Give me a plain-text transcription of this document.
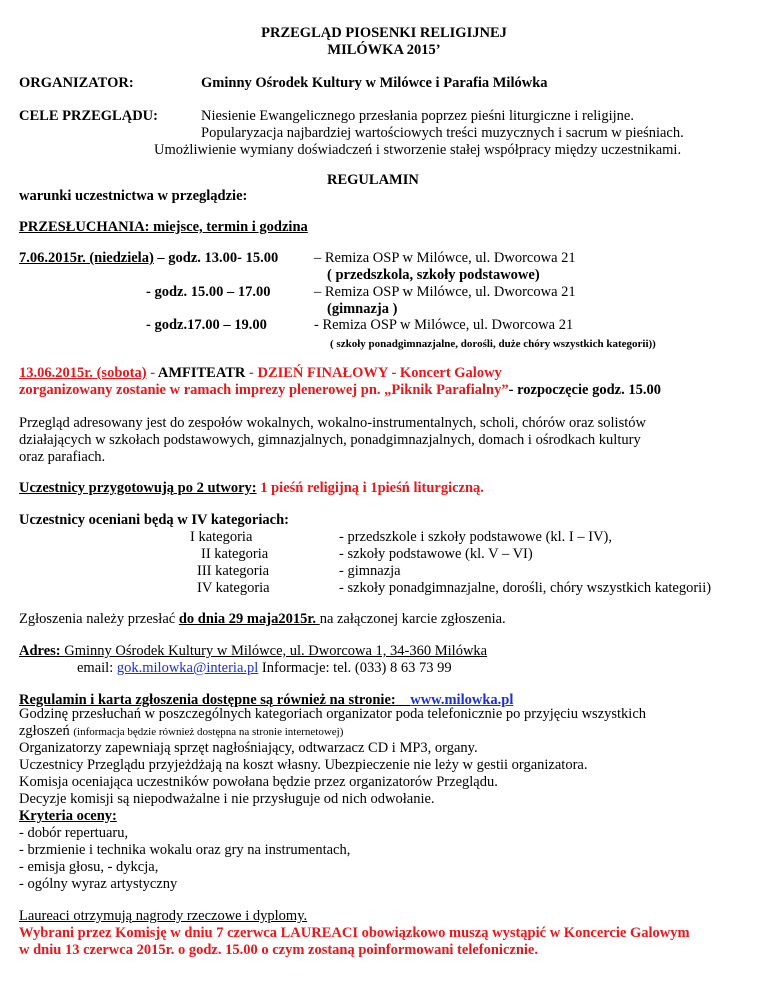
PRZEGLĄD PIOSENKI RELIGIJNEJ
MILÓWKA 2015’
ORGANIZATOR:	Gminny Ośrodek Kultury w Milówce i Parafia Milówka
CELE PRZEGLĄDU:	Niesienie Ewangelicznego przesłania poprzez pieśni liturgiczne i religijne.
Popularyzacja najbardziej wartościowych treści muzycznych i sacrum w pieśniach.
Umożliwienie wymiany doświadczeń i stworzenie stałej współpracy między uczestnikami.
REGULAMIN
warunki uczestnictwa w przeglądzie:
PRZESŁUCHANIA: miejsce, termin i godzina
7.06.2015r. (niedziela) – godz. 13.00- 15.00 – Remiza OSP w Milówce, ul. Dworcowa 21
( przedszkola, szkoły podstawowe)
- godz. 15.00 – 17.00	– Remiza OSP w Milówce, ul. Dworcowa 21
(gimnazja )
- godz.17.00 – 19.00	- Remiza OSP w Milówce, ul. Dworcowa 21
( szkoły ponadgimnazjalne, dorośli, duże chóry wszystkich kategorii))
13.06.2015r. (sobota) - AMFITEATR - DZIEŃ FINAŁOWY - Koncert Galowy
zorganizowany zostanie w ramach imprezy plenerowej pn. „Piknik Parafialny”- rozpoczęcie godz. 15.00
Przegląd adresowany jest do zespołów wokalnych, wokalno-instrumentalnych, scholi, chórów oraz solistów
działających w szkołach podstawowych, gimnazjalnych, ponadgimnazjalnych, domach i ośrodkach kultury
oraz parafiach.
Uczestnicy przygotowują po 2 utwory: 1 pieśń religijną i 1pieśń liturgiczną.
Uczestnicy oceniani będą w IV kategoriach:
I kategoria	- przedszkole i szkoły podstawowe (kl. I – IV),
II kategoria	- szkoły podstawowe (kl. V – VI)
III kategoria	- gimnazja
IV kategoria	- szkoły ponadgimnazjalne, dorośli, chóry wszystkich kategorii)
Zgłoszenia należy przesłać do dnia 29 maja2015r. na załączonej karcie zgłoszenia.
Adres: Gminny Ośrodek Kultury w Milówce, ul. Dworcowa 1, 34-360 Milówka
email: gok.milowka@interia.pl Informacje: tel. (033) 8 63 73 99
Regulamin i karta zgłoszenia dostępne są również na stronie: www.milowka.pl
Godzinę przesłuchań w poszczególnych kategoriach organizator poda telefonicznie po przyjęciu wszystkich
zgłoszeń (informacja będzie również dostępna na stronie internetowej)
Organizatorzy zapewniają sprzęt nagłośniający, odtwarzacz CD i MP3, organy.
Uczestnicy Przeglądu przyjeżdżają na koszt własny. Ubezpieczenie nie leży w gestii organizatora.
Komisja oceniająca uczestników powołana będzie przez organizatorów Przeglądu.
Decyzje komisji są niepodważalne i nie przysługuje od nich odwołanie.
Kryteria oceny:
- dobór repertuaru,
- brzmienie i technika wokalu oraz gry na instrumentach,
- emisja głosu, - dykcja,
- ogólny wyraz artystyczny
Laureaci otrzymują nagrody rzeczowe i dyplomy.
Wybrani przez Komisję w dniu 7 czerwca LAUREACI obowiązkowo muszą wystąpić w Koncercie Galowym
w dniu 13 czerwca 2015r. o godz. 15.00 o czym zostaną poinformowani telefonicznie.
